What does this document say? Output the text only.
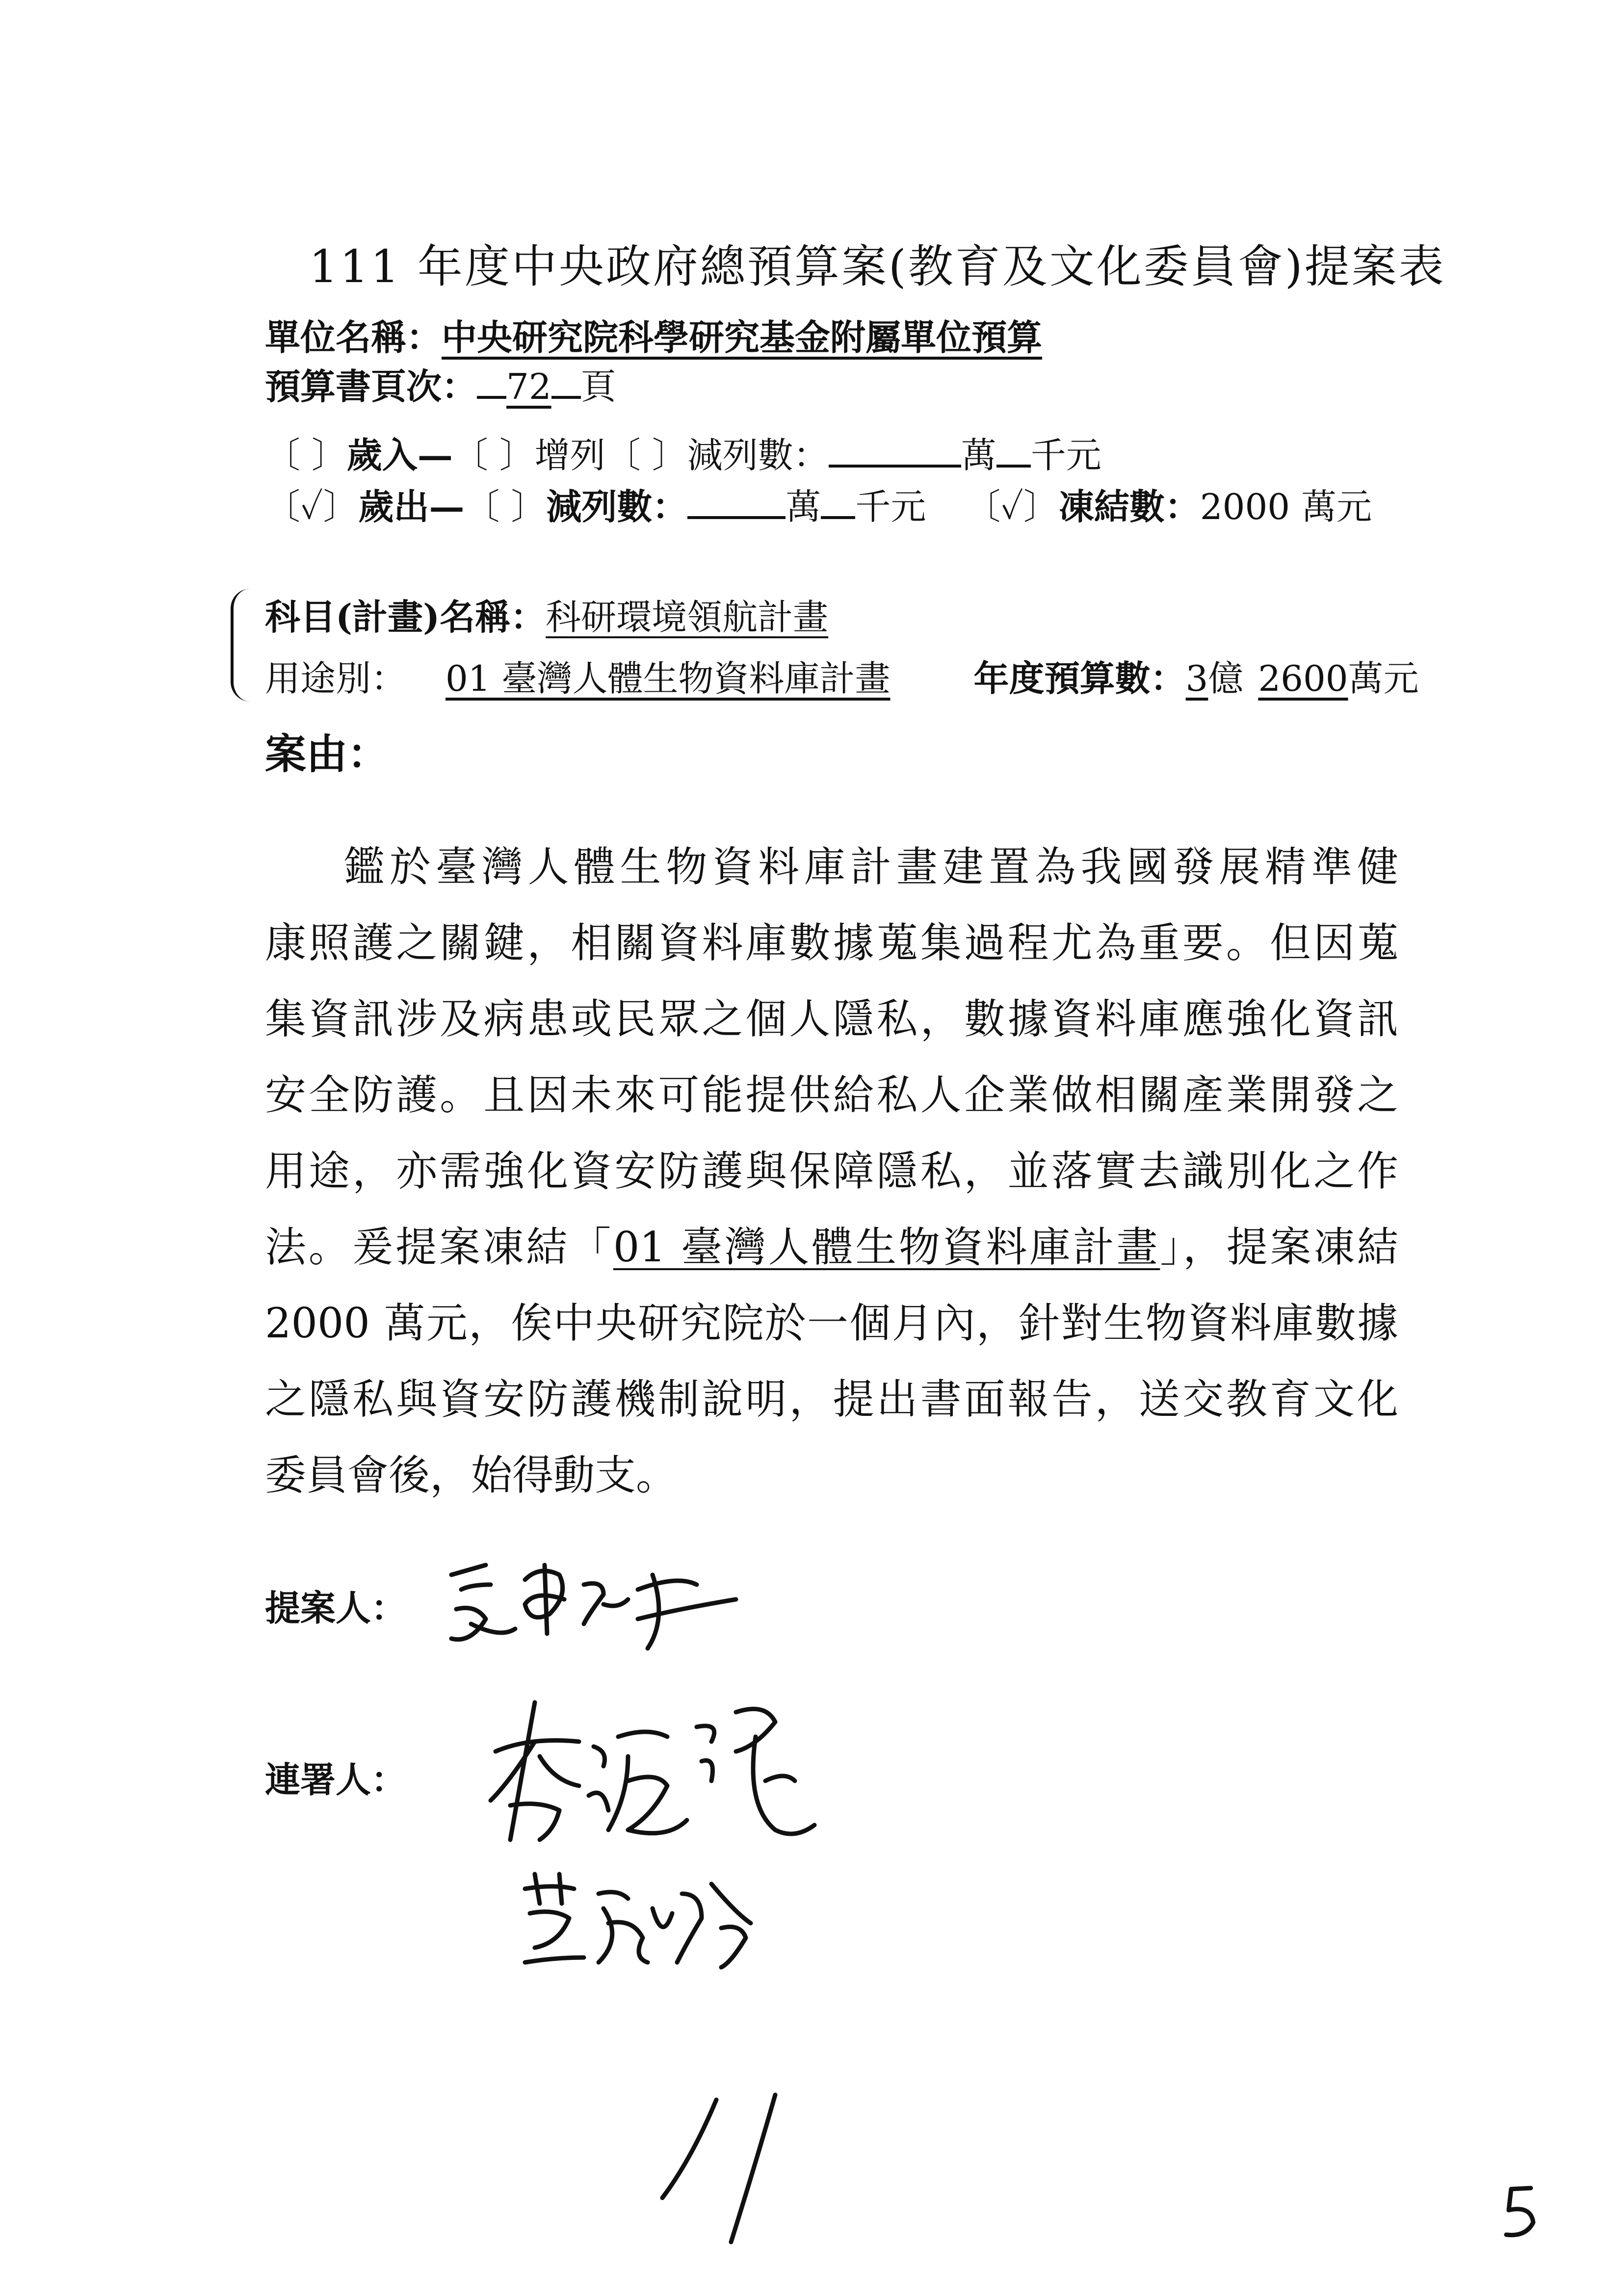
111 年度中央政府總預算案(教育及文化委員會)提案表
單位名稱：中央研究院科學研究基金附屬單位預算
預算書頁次： 72 頁
〔 〕歲入—〔 〕增列〔 〕減列數：	萬 千元
〔✓〕歲出—〔 〕減列數：	萬 千元 〔✓〕凍結數：2000 萬元
科目(計畫)名稱：科研環境領航計畫
用途別： 01 臺灣人體生物資料庫計畫 年度預算數：3億 2600萬元
案由：
鑑於臺灣人體生物資料庫計畫建置為我國發展精準健
康照護之關鍵，相關資料庫數據蒐集過程尤為重要。但因蒐
集資訊涉及病患或民眾之個人隱私，數據資料庫應強化資訊
安全防護。且因未來可能提供給私人企業做相關產業開發之
用途，亦需強化資安防護與保障隱私，並落實去識別化之作
法。爰提案凍結「01 臺灣人體生物資料庫計畫」，提案凍結
2000 萬元，俟中央研究院於一個月內，針對生物資料庫數據
之隱私與資安防護機制說明，提出書面報告，送交教育文化
委員會後，始得動支。
提案人：
連署人：
